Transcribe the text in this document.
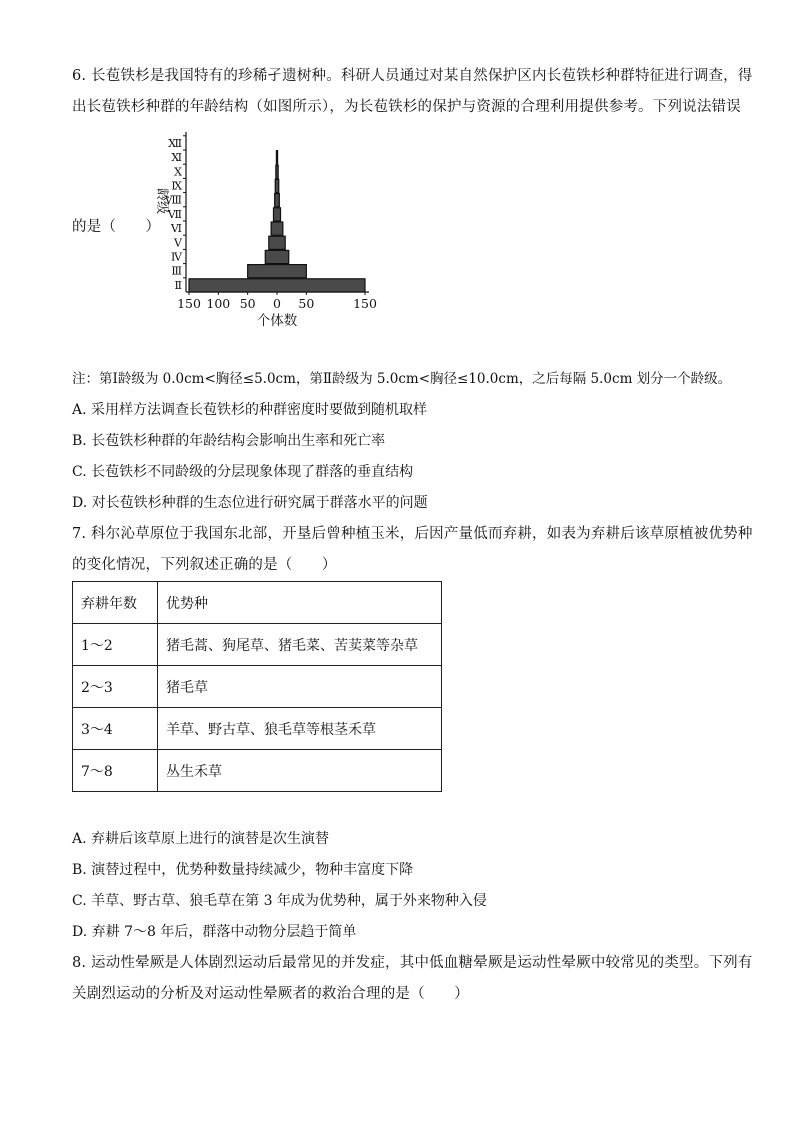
6. 长苞铁杉是我国特有的珍稀孑遗树种。科研人员通过对某自然保护区内长苞铁杉种群特征进行调查，得
出长苞铁杉种群的年龄结构（如图所示），为长苞铁杉的保护与资源的合理利用提供参考。下列说法错误
的是（　　）
Ⅱ
Ⅲ
Ⅳ
Ⅴ
Ⅵ
Ⅶ
Ⅷ
Ⅸ
Ⅹ
Ⅺ
Ⅻ
龄级
150 100 50 0 50	150
个体数
注：第Ⅰ龄级为 0.0cm<胸径≤5.0cm，第Ⅱ龄级为 5.0cm<胸径≤10.0cm，之后每隔 5.0cm 划分一个龄级。
A. 采用样方法调查长苞铁杉的种群密度时要做到随机取样
B. 长苞铁杉种群的年龄结构会影响出生率和死亡率
C. 长苞铁杉不同龄级的分层现象体现了群落的垂直结构
D. 对长苞铁杉种群的生态位进行研究属于群落水平的问题
7. 科尔沁草原位于我国东北部，开垦后曾种植玉米，后因产量低而弃耕，如表为弃耕后该草原植被优势种
的变化情况，下列叙述正确的是（　　）
弃耕年数	优势种
1～2	猪毛蒿、狗尾草、猪毛菜、苦荬菜等杂草
2～3	猪毛草
3～4	羊草、野古草、狼毛草等根茎禾草
7～8	丛生禾草
A. 弃耕后该草原上进行的演替是次生演替
B. 演替过程中，优势种数量持续减少，物种丰富度下降
C. 羊草、野古草、狼毛草在第 3 年成为优势种，属于外来物种入侵
D. 弃耕 7～8 年后，群落中动物分层趋于简单
8. 运动性晕厥是人体剧烈运动后最常见的并发症，其中低血糖晕厥是运动性晕厥中较常见的类型。下列有
关剧烈运动的分析及对运动性晕厥者的救治合理的是（　　）
